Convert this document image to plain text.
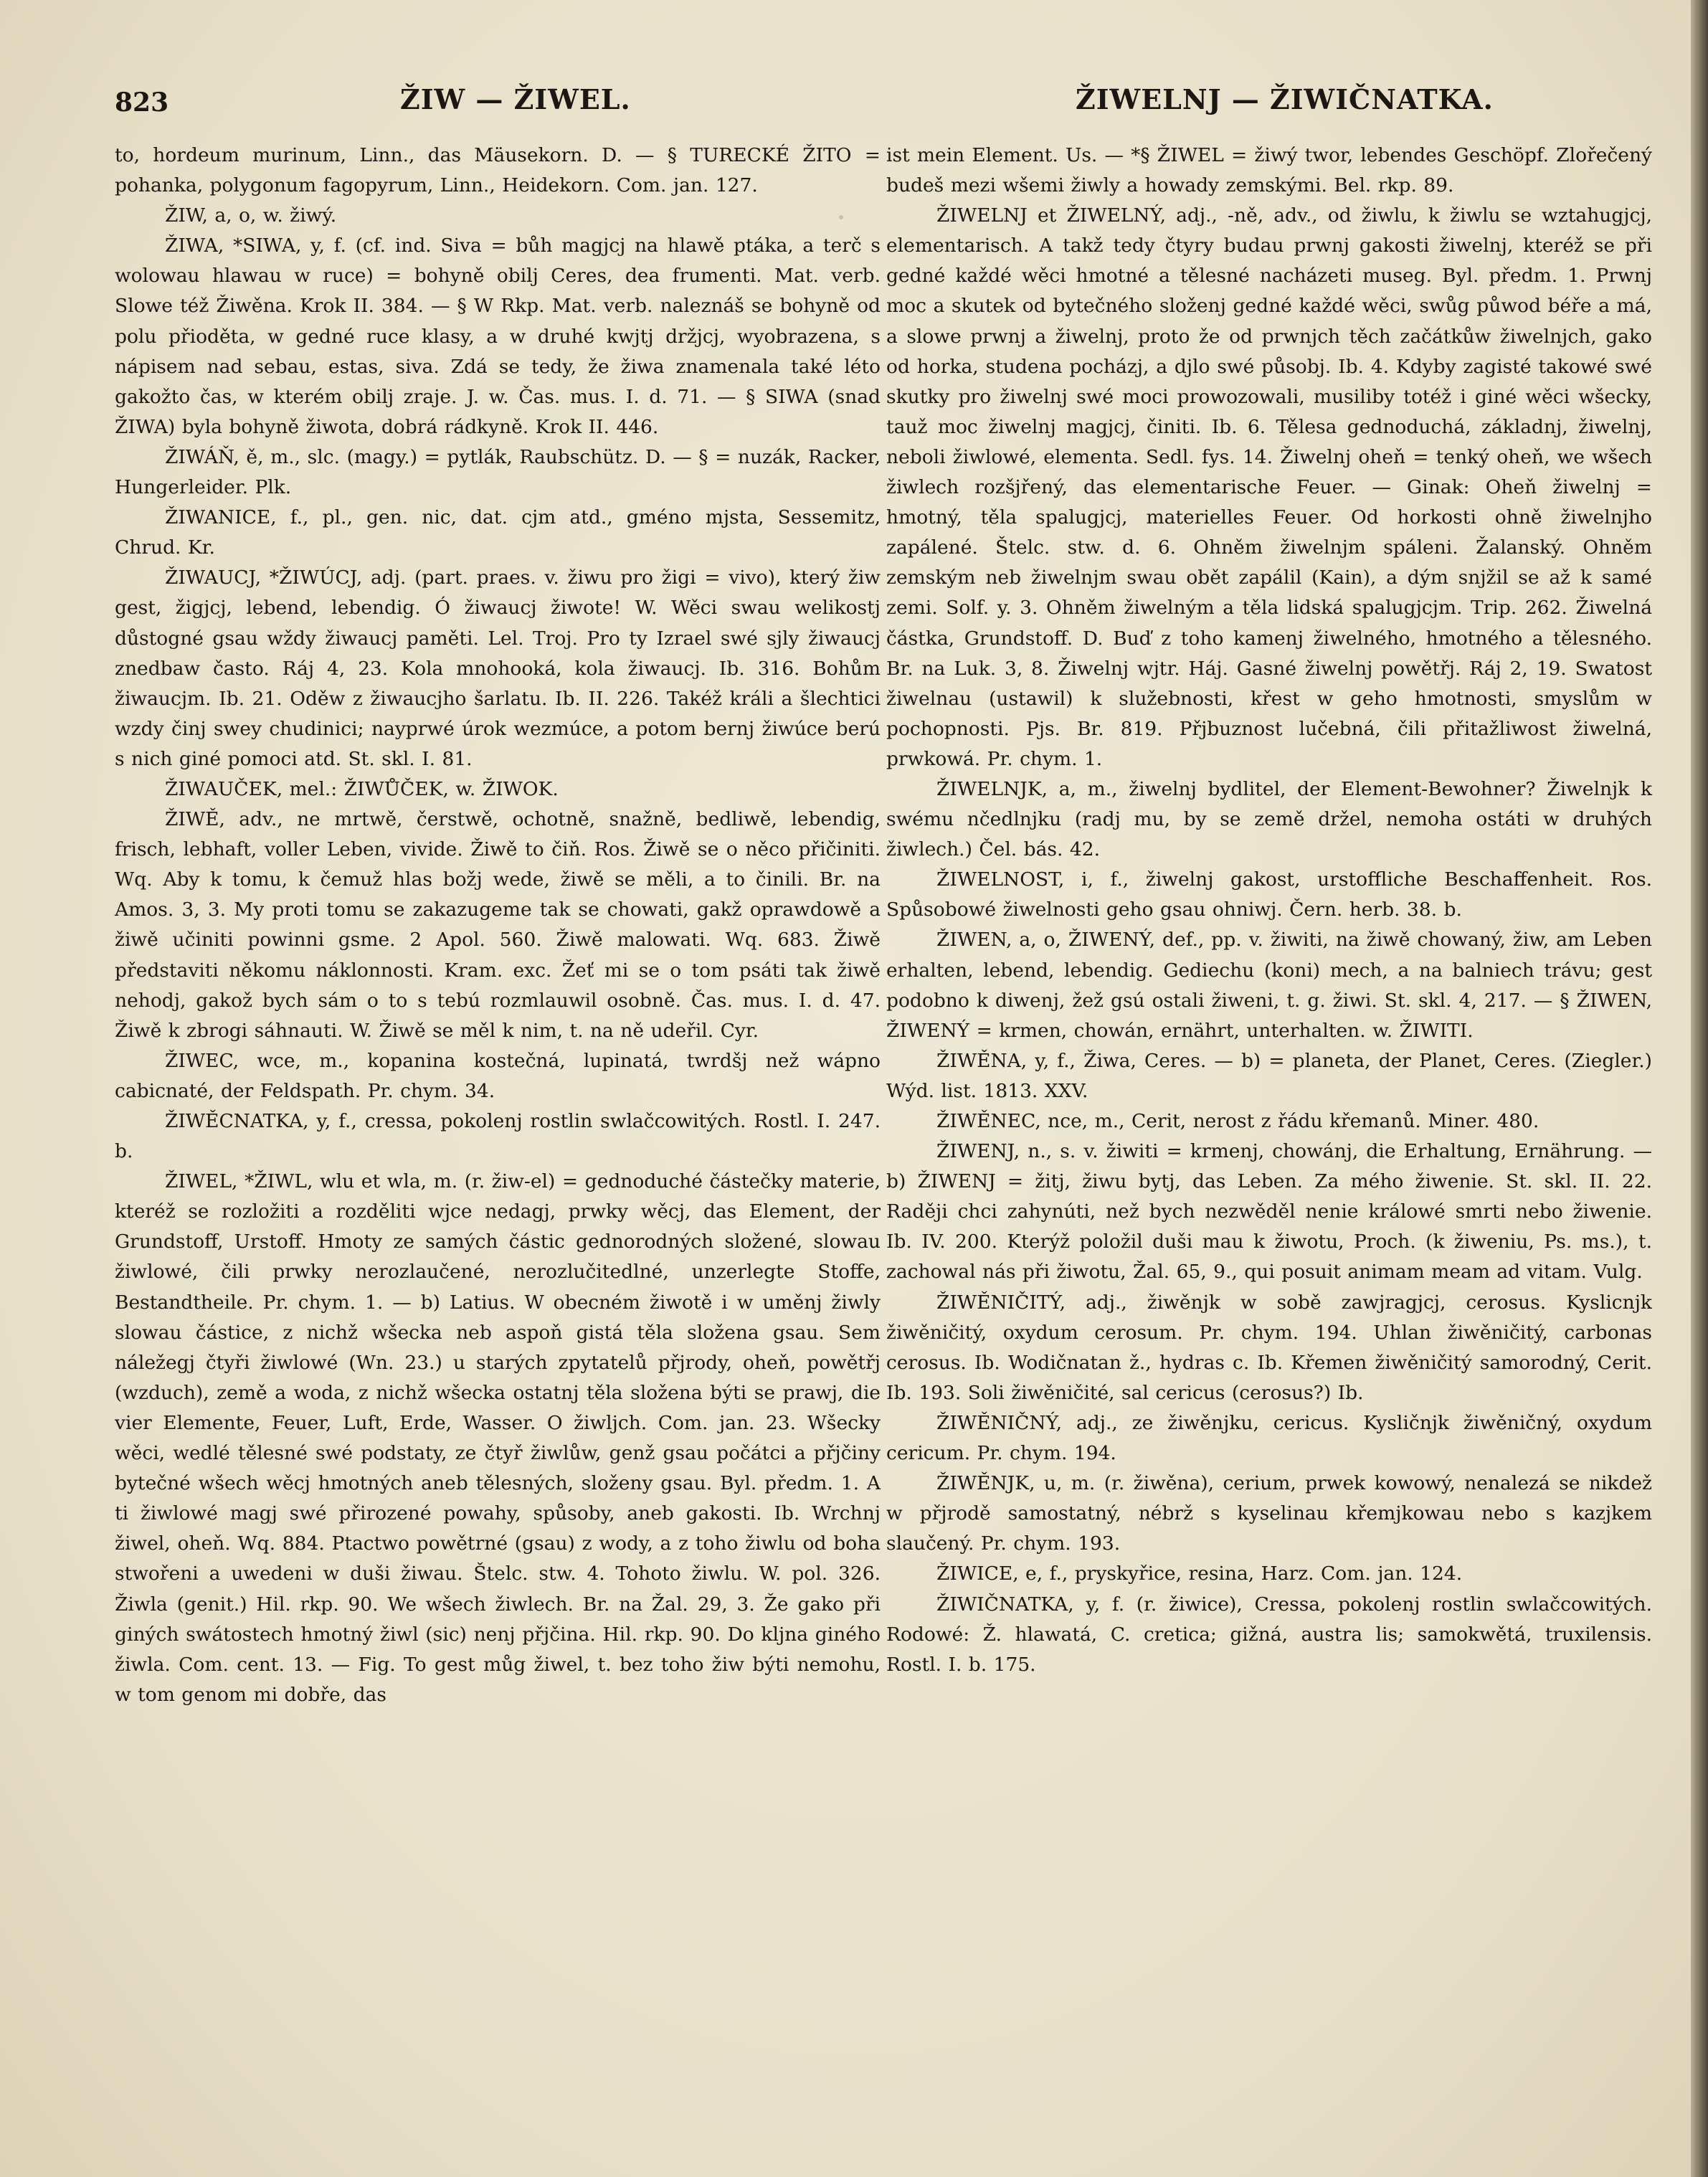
823	ŽIW — ŽIWEL.	ŽIWELNJ — ŽIWIČNATKA.

to, hordeum murinum, Linn., das Mäusekorn. D. — § TURECKÉ ŽITO = pohanka, polygonum fagopyrum, Linn., Heidekorn. Com. jan. 127.

ŽIW, a, o, w. žiwý.

ŽIWA, *SIWA, y, f. (cf. ind. Siva = bůh magjcj na hlawě ptáka, a terč s wolowau hlawau w ruce) = bohyně obilj Ceres, dea frumenti. Mat. verb. Slowe též Žiwěna. Krok II. 384. — § W Rkp. Mat. verb. naleznáš se bohyně od polu přioděta, w gedné ruce klasy, a w druhé kwjtj držjcj, wyobrazena, s nápisem nad sebau, estas, siva. Zdá se tedy, že žiwa znamenala také léto gakožto čas, w kterém obilj zraje. J. w. Čas. mus. I. d. 71. — § SIWA (snad ŽIWA) byla bohyně žiwota, dobrá rádkyně. Krok II. 446.

ŽIWÁŇ, ě, m., slc. (magy.) = pytlák, Raubschütz. D. — § = nuzák, Racker, Hungerleider. Plk.

ŽIWANICE, f., pl., gen. nic, dat. cjm atd., gméno mjsta, Sessemitz, Chrud. Kr.

ŽIWAUCJ, *ŽIWÚCJ, adj. (part. praes. v. žiwu pro žigi = vivo), který žiw gest, žigjcj, lebend, lebendig. Ó žiwaucj žiwote! W. Wěci swau welikostj důstogné gsau wždy žiwaucj paměti. Lel. Troj. Pro ty Izrael swé sjly žiwaucj znedbaw často. Ráj 4, 23. Kola mnohooká, kola žiwaucj. Ib. 316. Bohům žiwaucjm. Ib. 21. Oděw z žiwaucjho šarlatu. Ib. II. 226. Takéž králi a šlechtici wzdy činj swey chudinici; nayprwé úrok wezmúce, a potom bernj žiwúce berú s nich giné pomoci atd. St. skl. I. 81.

ŽIWAUČEK, mel.: ŽIWŮČEK, w. ŽIWOK.

ŽIWĚ, adv., ne mrtwě, čerstwě, ochotně, snažně, bedliwě, lebendig, frisch, lebhaft, voller Leben, vivide. Žiwě to čiň. Ros. Žiwě se o něco přičiniti. Wq. Aby k tomu, k čemuž hlas božj wede, žiwě se měli, a to činili. Br. na Amos. 3, 3. My proti tomu se zakazugeme tak se chowati, gakž oprawdowě a žiwě učiniti powinni gsme. 2 Apol. 560. Žiwě malowati. Wq. 683. Žiwě představiti někomu náklonnosti. Kram. exc. Žeť mi se o tom psáti tak žiwě nehodj, gakož bych sám o to s tebú rozmlauwil osobně. Čas. mus. I. d. 47. Žiwě k zbrogi sáhnauti. W. Žiwě se měl k nim, t. na ně udeřil. Cyr.

ŽIWEC, wce, m., kopanina kostečná, lupinatá, twrdšj než wápno cabicnaté, der Feldspath. Pr. chym. 34.

ŽIWĚCNATKA, y, f., cressa, pokolenj rostlin swlačcowitých. Rostl. I. 247. b.

ŽIWEL, *ŽIWL, wlu et wla, m. (r. žiw-el) = gednoduché částečky materie, kteréž se rozložiti a rozděliti wjce nedagj, prwky wěcj, das Element, der Grundstoff, Urstoff. Hmoty ze samých částic gednorodných složené, slowau žiwlowé, čili prwky nerozlaučené, nerozlučitedlné, unzerlegte Stoffe, Bestandtheile. Pr. chym. 1. — b) Latius. W obecném žiwotě i w uměnj žiwly slowau částice, z nichž wšecka neb aspoň gistá těla složena gsau. Sem náležegj čtyři žiwlowé (Wn. 23.) u starých zpytatelů přjrody, oheň, powětřj (wzduch), země a woda, z nichž wšecka ostatnj těla složena býti se prawj, die vier Elemente, Feuer, Luft, Erde, Wasser. O žiwljch. Com. jan. 23. Wšecky wěci, wedlé tělesné swé podstaty, ze čtyř žiwlůw, genž gsau počátci a přjčiny bytečné wšech wěcj hmotných aneb tělesných, složeny gsau. Byl. předm. 1. A ti žiwlowé magj swé přirozené powahy, spůsoby, aneb gakosti. Ib. Wrchnj žiwel, oheň. Wq. 884. Ptactwo powětrné (gsau) z wody, a z toho žiwlu od boha stwořeni a uwedeni w duši žiwau. Štelc. stw. 4. Tohoto žiwlu. W. pol. 326. Žiwla (genit.) Hil. rkp. 90. We wšech žiwlech. Br. na Žal. 29, 3. Že gako při giných swátostech hmotný žiwl (sic) nenj přjčina. Hil. rkp. 90. Do kljna giného žiwla. Com. cent. 13. — Fig. To gest můg žiwel, t. bez toho žiw býti nemohu, w tom genom mi dobře, das

ist mein Element. Us. — *§ ŽIWEL = žiwý twor, lebendes Geschöpf. Zlořečený budeš mezi wšemi žiwly a howady zemskými. Bel. rkp. 89.

ŽIWELNJ et ŽIWELNÝ, adj., -ně, adv., od žiwlu, k žiwlu se wztahugjcj, elementarisch. A takž tedy čtyry budau prwnj gakosti žiwelnj, kteréž se při gedné každé wěci hmotné a tělesné nacházeti museg. Byl. předm. 1. Prwnj moc a skutek od bytečného složenj gedné každé wěci, swůg půwod béře a má, a slowe prwnj a žiwelnj, proto že od prwnjch těch začátkůw žiwelnjch, gako od horka, studena pocházj, a djlo swé působj. Ib. 4. Kdyby zagisté takowé swé skutky pro žiwelnj swé moci prowozowali, musiliby totéž i giné wěci wšecky, tauž moc žiwelnj magjcj, činiti. Ib. 6. Tělesa gednoduchá, základnj, žiwelnj, neboli žiwlowé, elementa. Sedl. fys. 14. Žiwelnj oheň = tenký oheň, we wšech žiwlech rozšjřený, das elementarische Feuer. — Ginak: Oheň žiwelnj = hmotný, těla spalugjcj, materielles Feuer. Od horkosti ohně žiwelnjho zapálené. Štelc. stw. d. 6. Ohněm žiwelnjm spáleni. Žalanský. Ohněm zemským neb žiwelnjm swau obět zapálil (Kain), a dým snjžil se až k samé zemi. Solf. y. 3. Ohněm žiwelným a těla lidská spalugjcjm. Trip. 262. Žiwelná částka, Grundstoff. D. Buď z toho kamenj žiwelného, hmotného a tělesného. Br. na Luk. 3, 8. Žiwelnj wjtr. Háj. Gasné žiwelnj powětřj. Ráj 2, 19. Swatost žiwelnau (ustawil) k služebnosti, křest w geho hmotnosti, smyslům w pochopnosti. Pjs. Br. 819. Přjbuznost lučebná, čili přitažliwost žiwelná, prwkowá. Pr. chym. 1.

ŽIWELNJK, a, m., žiwelnj bydlitel, der Element-Bewohner? Žiwelnjk k swému nčedlnjku (radj mu, by se země držel, nemoha ostáti w druhých žiwlech.) Čel. bás. 42.

ŽIWELNOST, i, f., žiwelnj gakost, urstoffliche Beschaffenheit. Ros. Spůsobowé žiwelnosti geho gsau ohniwj. Čern. herb. 38. b.

ŽIWEN, a, o, ŽIWENÝ, def., pp. v. žiwiti, na žiwě chowaný, žiw, am Leben erhalten, lebend, lebendig. Gediechu (koni) mech, a na balniech trávu; gest podobno k diwenj, žež gsú ostali žiweni, t. g. žiwi. St. skl. 4, 217. — § ŽIWEN, ŽIWENÝ = krmen, chowán, ernährt, unterhalten. w. ŽIWITI.

ŽIWĚNA, y, f., Žiwa, Ceres. — b) = planeta, der Planet, Ceres. (Ziegler.) Wýd. list. 1813. XXV.

ŽIWĚNEC, nce, m., Cerit, nerost z řádu křemanů. Miner. 480.

ŽIWENJ, n., s. v. žiwiti = krmenj, chowánj, die Erhaltung, Ernährung. — b) ŽIWENJ = žitj, žiwu bytj, das Leben. Za mého žiwenie. St. skl. II. 22. Raději chci zahynúti, než bych nezwěděl nenie králowé smrti nebo žiwenie. Ib. IV. 200. Kterýž položil duši mau k žiwotu, Proch. (k žiweniu, Ps. ms.), t. zachowal nás při žiwotu, Žal. 65, 9., qui posuit animam meam ad vitam. Vulg.

ŽIWĚNIČITÝ, adj., žiwěnjk w sobě zawjragjcj, cerosus. Kyslicnjk žiwěničitý, oxydum cerosum. Pr. chym. 194. Uhlan žiwěničitý, carbonas cerosus. Ib. Wodičnatan ž., hydras c. Ib. Křemen žiwěničitý samorodný, Cerit. Ib. 193. Soli žiwěničité, sal cericus (cerosus?) Ib.

ŽIWĚNIČNÝ, adj., ze žiwěnjku, cericus. Kysličnjk žiwěničný, oxydum cericum. Pr. chym. 194.

ŽIWĚNJK, u, m. (r. žiwěna), cerium, prwek kowowý, nenalezá se nikdež w přjrodě samostatný, nébrž s kyselinau křemjkowau nebo s kazjkem slaučený. Pr. chym. 193.

ŽIWICE, e, f., pryskyřice, resina, Harz. Com. jan. 124.

ŽIWIČNATKA, y, f. (r. žiwice), Cressa, pokolenj rostlin swlačcowitých. Rodowé: Ž. hlawatá, C. cretica; gižná, austra lis; samokwětá, truxilensis. Rostl. I. b. 175.
